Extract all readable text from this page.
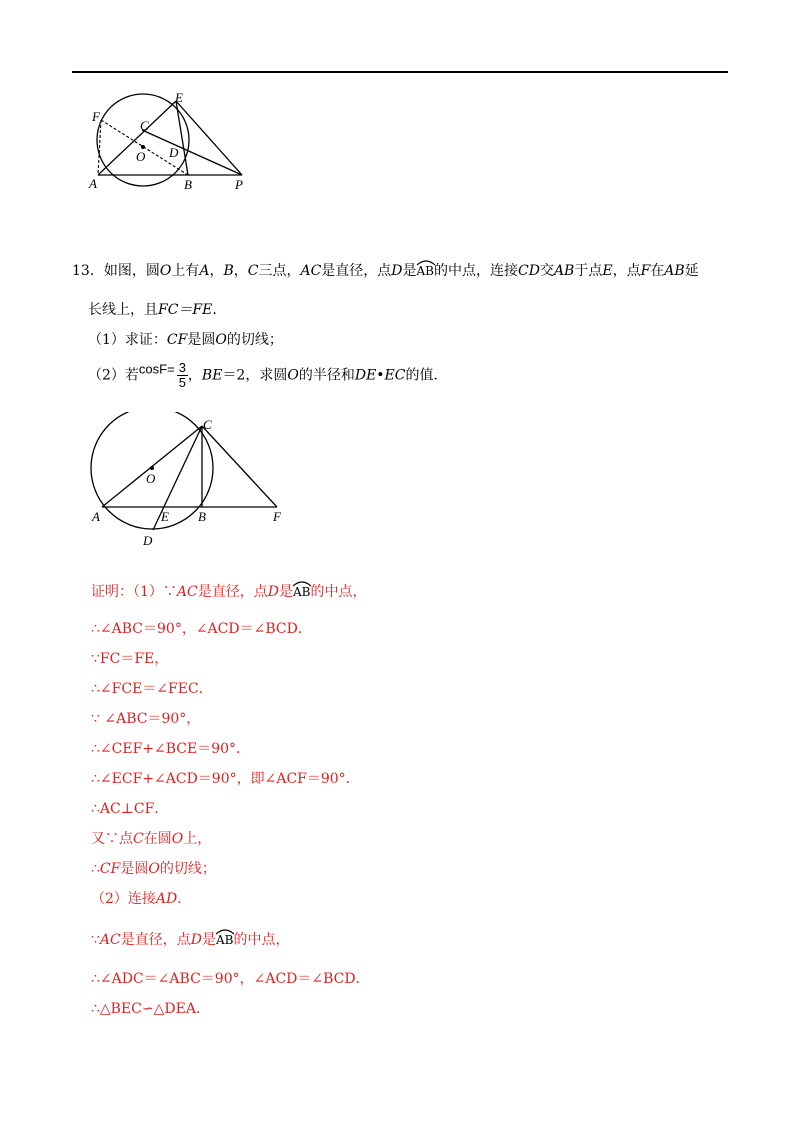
F
E
C
O D
A	B	P
13．如图，圆O上有A，B，C三点，AC是直径，点D是
AB的中点，连接CD交AB于点E，点F在AB延
长线上，且FC＝FE．
（1）求证：CF是圆O的切线；
（2）若$\cos F= \frac{3}{5}$ ，BE＝2，求圆O的半径和DE•EC的值．
C
O
A	E B	F
D
证明：（1）∵AC是直径，点D是
AB的中点，
∴∠ABC＝90°，∠ACD＝∠BCD．
∵FC＝FE，
∴∠FCE＝∠FEC．
∵ ∠ABC＝90°，
∴∠CEF+∠BCE＝90°．
∴∠ECF+∠ACD＝90°，即∠ACF＝90°．
∴AC⊥CF．
又∵点C在圆O上，
∴CF是圆O的切线；
（2）连接AD．
∵AC是直径，点D是
AB的中点，
∴∠ADC＝∠ABC＝90°，∠ACD＝∠BCD．
∴△BEC∽△DEA．
